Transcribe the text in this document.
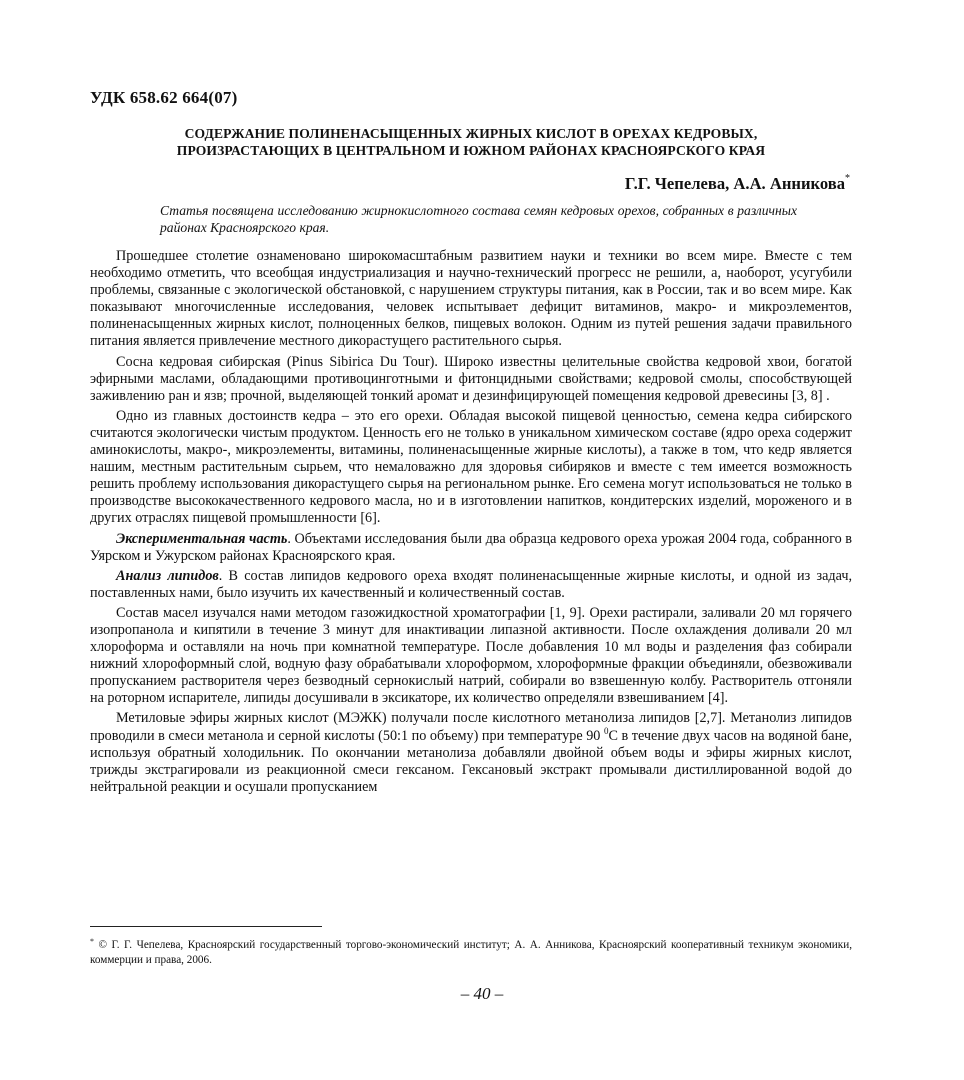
УДК 658.62 664(07)
СОДЕРЖАНИЕ ПОЛИНЕНАСЫЩЕННЫХ ЖИРНЫХ КИСЛОТ В ОРЕХАХ КЕДРОВЫХ,
ПРОИЗРАСТАЮЩИХ В ЦЕНТРАЛЬНОМ И ЮЖНОМ РАЙОНАХ КРАСНОЯРСКОГО КРАЯ
Г.Г. Чепелева, А.А. Анникова*
Статья посвящена исследованию жирнокислотного состава семян кедровых орехов, собранных в различных районах Красноярского края.

Прошедшее столетие ознаменовано широкомасштабным развитием науки и техники во всем мире. Вместе с тем необходимо отметить, что всеобщая индустриализация и научно-технический прогресс не решили, а, наоборот, усугубили проблемы, связанные с экологической обстановкой, с нарушением структуры питания, как в России, так и во всем мире. Как показывают многочисленные исследования, человек испытывает дефицит витаминов, макро- и микроэлементов, полиненасыщенных жирных кислот, полноценных белков, пищевых волокон. Одним из путей решения задачи правильного питания является привлечение местного дикорастущего растительного сырья.

Сосна кедровая сибирская (Pinus Sibirica Du Tour). Широко известны целительные свойства кедровой хвои, богатой эфирными маслами, обладающими противоцинготными и фитонцидными свойствами; кедровой смолы, способствующей заживлению ран и язв; прочной, выделяющей тонкий аромат и дезинфицирующей помещения кедровой древесины [3, 8] .

Одно из главных достоинств кедра – это его орехи. Обладая высокой пищевой ценностью, семена кедра сибирского считаются экологически чистым продуктом. Ценность его не только в уникальном химическом составе (ядро ореха содержит аминокислоты, макро-, микроэлементы, витамины, полиненасыщенные жирные кислоты), а также в том, что кедр является нашим, местным растительным сырьем, что немаловажно для здоровья сибиряков и вместе с тем имеется возможность решить проблему использования дикорастущего сырья на региональном рынке. Его семена могут использоваться не только в производстве высококачественного кедрового масла, но и в изготовлении напитков, кондитерских изделий, мороженого и в других отраслях пищевой промышленности [6].

Экспериментальная часть. Объектами исследования были два образца кедрового ореха урожая 2004 года, собранного в Уярском и Ужурском районах Красноярского края.

Анализ липидов. В состав липидов кедрового ореха входят полиненасыщенные жирные кислоты, и одной из задач, поставленных нами, было изучить их качественный и количественный состав.

Состав масел изучался нами методом газожидкостной хроматографии [1, 9]. Орехи растирали, заливали 20 мл горячего изопропанола и кипятили в течение 3 минут для инактивации липазной активности. После охлаждения доливали 20 мл хлороформа и оставляли на ночь при комнатной температуре. После добавления 10 мл воды и разделения фаз собирали нижний хлороформный слой, водную фазу обрабатывали хлороформом, хлороформные фракции объединяли, обезвоживали пропусканием растворителя через безводный сернокислый натрий, собирали во взвешенную колбу. Растворитель отгоняли на роторном испарителе, липиды досушивали в эксикаторе, их количество определяли взвешиванием [4].

Метиловые эфиры жирных кислот (МЭЖК) получали после кислотного метанолиза липидов [2,7]. Метанолиз липидов проводили в смеси метанола и серной кислоты (50:1 по объему) при температуре 90 $^0$С в течение двух часов на водяной бане, используя обратный холодильник. По окончании метанолиза добавляли двойной объем воды и эфиры жирных кислот, трижды экстрагировали из реакционной смеси гексаном. Гексановый экстракт промывали дистиллированной водой до нейтральной реакции и осушали пропусканием

* © Г. Г. Чепелева, Красноярский государственный торгово-экономический институт; А. А. Анникова, Красноярский кооперативный техникум экономики, коммерции и права, 2006.
– 40 –
